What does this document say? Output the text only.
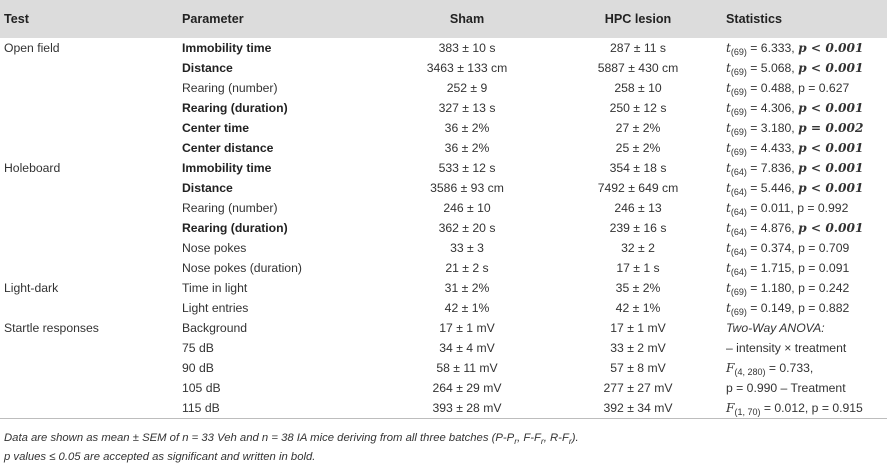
Test	Parameter	Sham	HPC lesion	Statistics
Open field	Immobility time	383 ± 10 s	287 ± 11 s	$t_{(69)} = 6.333$, p < 0.001
	Distance	3463 ± 133 cm	5887 ± 430 cm	$t_{(69)} = 5.068$, p < 0.001
	Rearing (number)	252 ± 9	258 ± 10	$t_{(69)} = 0.488$, p = 0.627
	Rearing (duration)	327 ± 13 s	250 ± 12 s	$t_{(69)} = 4.306$, p < 0.001
	Center time	36 ± 2%	27 ± 2%	$t_{(69)} = 3.180$, p = 0.002
	Center distance	36 ± 2%	25 ± 2%	$t_{(69)} = 4.433$, p < 0.001
Holeboard	Immobility time	533 ± 12 s	354 ± 18 s	$t_{(64)} = 7.836$, p < 0.001
	Distance	3586 ± 93 cm	7492 ± 649 cm	$t_{(64)} = 5.446$, p < 0.001
	Rearing (number)	246 ± 10	246 ± 13	$t_{(64)} = 0.011$, p = 0.992
	Rearing (duration)	362 ± 20 s	239 ± 16 s	$t_{(64)} = 4.876$, p < 0.001
	Nose pokes	33 ± 3	32 ± 2	$t_{(64)} = 0.374$, p = 0.709
	Nose pokes (duration)	21 ± 2 s	17 ± 1 s	$t_{(64)} = 1.715$, p = 0.091
Light-dark	Time in light	31 ± 2%	35 ± 2%	$t_{(69)} = 1.180$, p = 0.242
	Light entries	42 ± 1%	42 ± 1%	$t_{(69)} = 0.149$, p = 0.882
Startle responses	Background	17 ± 1 mV	17 ± 1 mV	Two-Way ANOVA:
	75 dB	34 ± 4 mV	33 ± 2 mV	– intensity × treatment
	90 dB	58 ± 11 mV	57 ± 8 mV	$F_{(4, 280)} = 0.733$,
	105 dB	264 ± 29 mV	277 ± 27 mV	p = 0.990 – Treatment
	115 dB	393 ± 28 mV	392 ± 34 mV	$F_{(1, 70)} = 0.012$, p = 0.915
Data are shown as mean ± SEM of n = 33 Veh and n = 38 IA mice deriving from all three batches ($P-P_r$, $F-F_r$, $R-F_r$).
p values ≤ 0.05 are accepted as significant and written in bold.
